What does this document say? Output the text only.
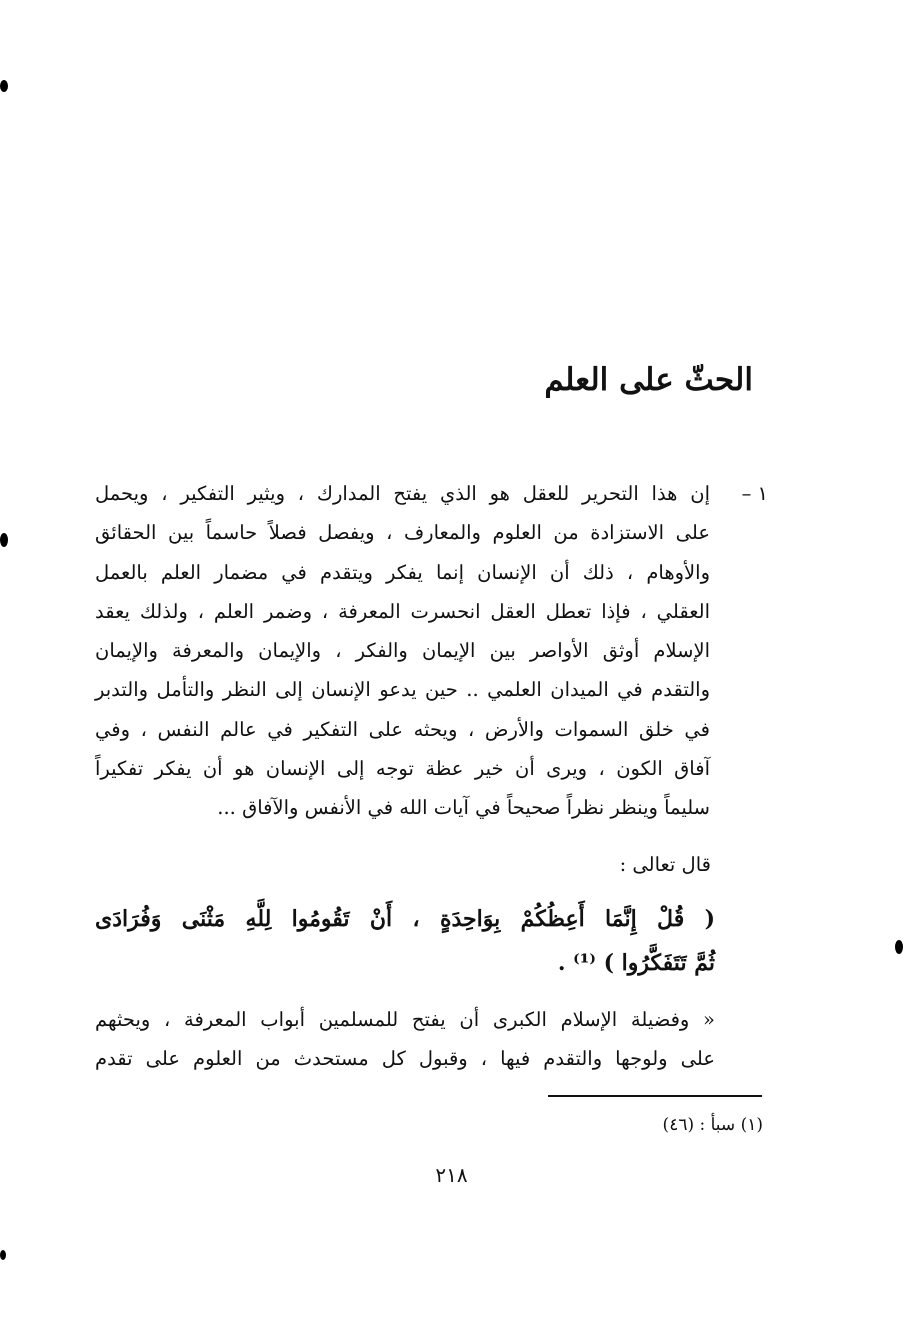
الحثّ على العلم
١ –
إن هذا التحرير للعقل هو الذي يفتح المدارك ، ويثير التفكير ، ويحمل
على الاستزادة من العلوم والمعارف ، ويفصل فصلاً حاسماً بين الحقائق
والأوهام ، ذلك أن الإنسان إنما يفكر ويتقدم في مضمار العلم بالعمل
العقلي ، فإذا تعطل العقل انحسرت المعرفة ، وضمر العلم ، ولذلك يعقد
الإسلام أوثق الأواصر بين الإيمان والفكر ، والإيمان والمعرفة والإيمان
والتقدم في الميدان العلمي .. حين يدعو الإنسان إلى النظر والتأمل والتدبر
في خلق السموات والأرض ، ويحثه على التفكير في عالم النفس ، وفي
آفاق الكون ، ويرى أن خير عظة توجه إلى الإنسان هو أن يفكر تفكيراً
سليماً وينظر نظراً صحيحاً في آيات الله في الأنفس والآفاق ...
قال تعالى :
( قُلْ إِنَّمَا أَعِظُكُمْ بِوَاحِدَةٍ ، أَنْ تَقُومُوا لِلَّهِ مَثْنَى وَفُرَادَى
ثُمَّ تَتَفَكَّرُوا ) ⁽¹⁾ .
« وفضيلة الإسلام الكبرى أن يفتح للمسلمين أبواب المعرفة ، ويحثهم
على ولوجها والتقدم فيها ، وقبول كل مستحدث من العلوم على تقدم
(١) سبأ : (٤٦)
٢١٨
